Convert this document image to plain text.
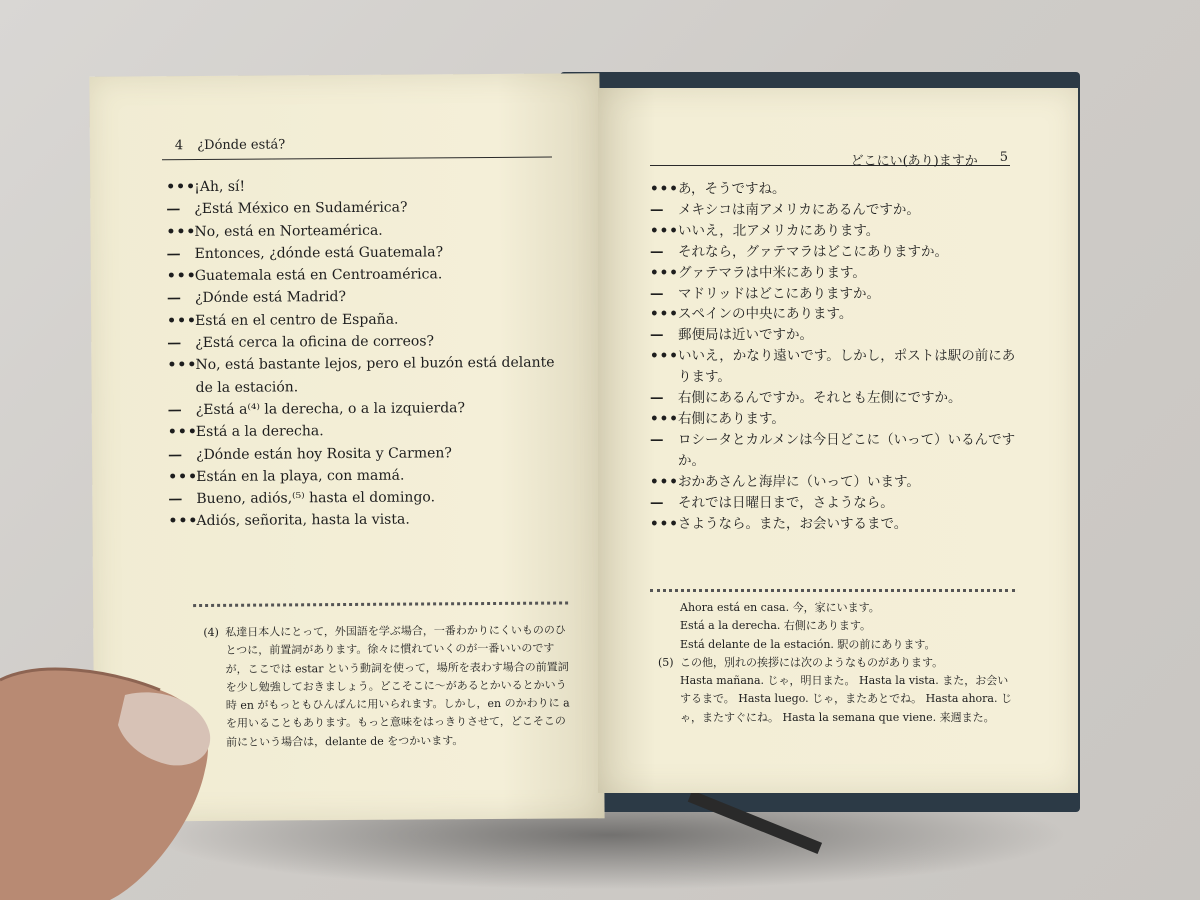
4 ¿Dónde está?
•••
¡Ah, sí!
— ¿Está México en Sudamérica?
•••
No, está en Norteamérica.
— Entonces, ¿dónde está Guatemala?
•••
Guatemala está en Centroamérica.
— ¿Dónde está Madrid?
•••
Está en el centro de España.
— ¿Está cerca la oficina de correos?
•••
No, está bastante lejos, pero el buzón está delante de la estación.
— ¿Está a⁽⁴⁾ la derecha, o a la izquierda?
•••
Está a la derecha.
— ¿Dónde están hoy Rosita y Carmen?
•••
Están en la playa, con mamá.
— Bueno, adiós,⁽⁵⁾ hasta el domingo.
•••
Adiós, señorita, hasta la vista.
(4) 私達日本人にとって，外国語を学ぶ場合，一番わかりにくいもののひとつに，前置詞があります。徐々に慣れていくのが一番いいのですが，ここでは estar という動詞を使って，場所を表わす場合の前置詞を少し勉強しておきましょう。どこそこに〜があるとかいるとかいう時 en がもっともひんぱんに用いられます。しかし，en のかわりに a を用いることもあります。もっと意味をはっきりさせて，どこそこの前にという場合は，delante de をつかいます。
どこにい(あり)ますか 5
••• あ，そうですね。
—	メキシコは南アメリカにあるんですか。
••• いいえ，北アメリカにあります。
—	それなら，グァテマラはどこにありますか。
••• グァテマラは中米にあります。
—	マドリッドはどこにありますか。
••• スペインの中央にあります。
—	郵便局は近いですか。
••• いいえ，かなり遠いです。しかし，ポストは駅の前にあります。
—	右側にあるんですか。それとも左側にですか。
••• 右側にあります。
—	ロシータとカルメンは今日どこに（いって）いるんですか。
••• おかあさんと海岸に（いって）います。
—	それでは日曜日まで，さようなら。
••• さようなら。また，お会いするまで。
Ahora está en casa. 今，家にいます。
Está a la derecha. 右側にあります。
Está delante de la estación. 駅の前にあります。
(5) この他，別れの挨拶には次のようなものがあります。
Hasta mañana. じゃ，明日また。 Hasta la vista. また，お会いするまで。 Hasta luego. じゃ，またあとでね。 Hasta ahora. じゃ，またすぐにね。 Hasta la semana que viene. 来週また。
